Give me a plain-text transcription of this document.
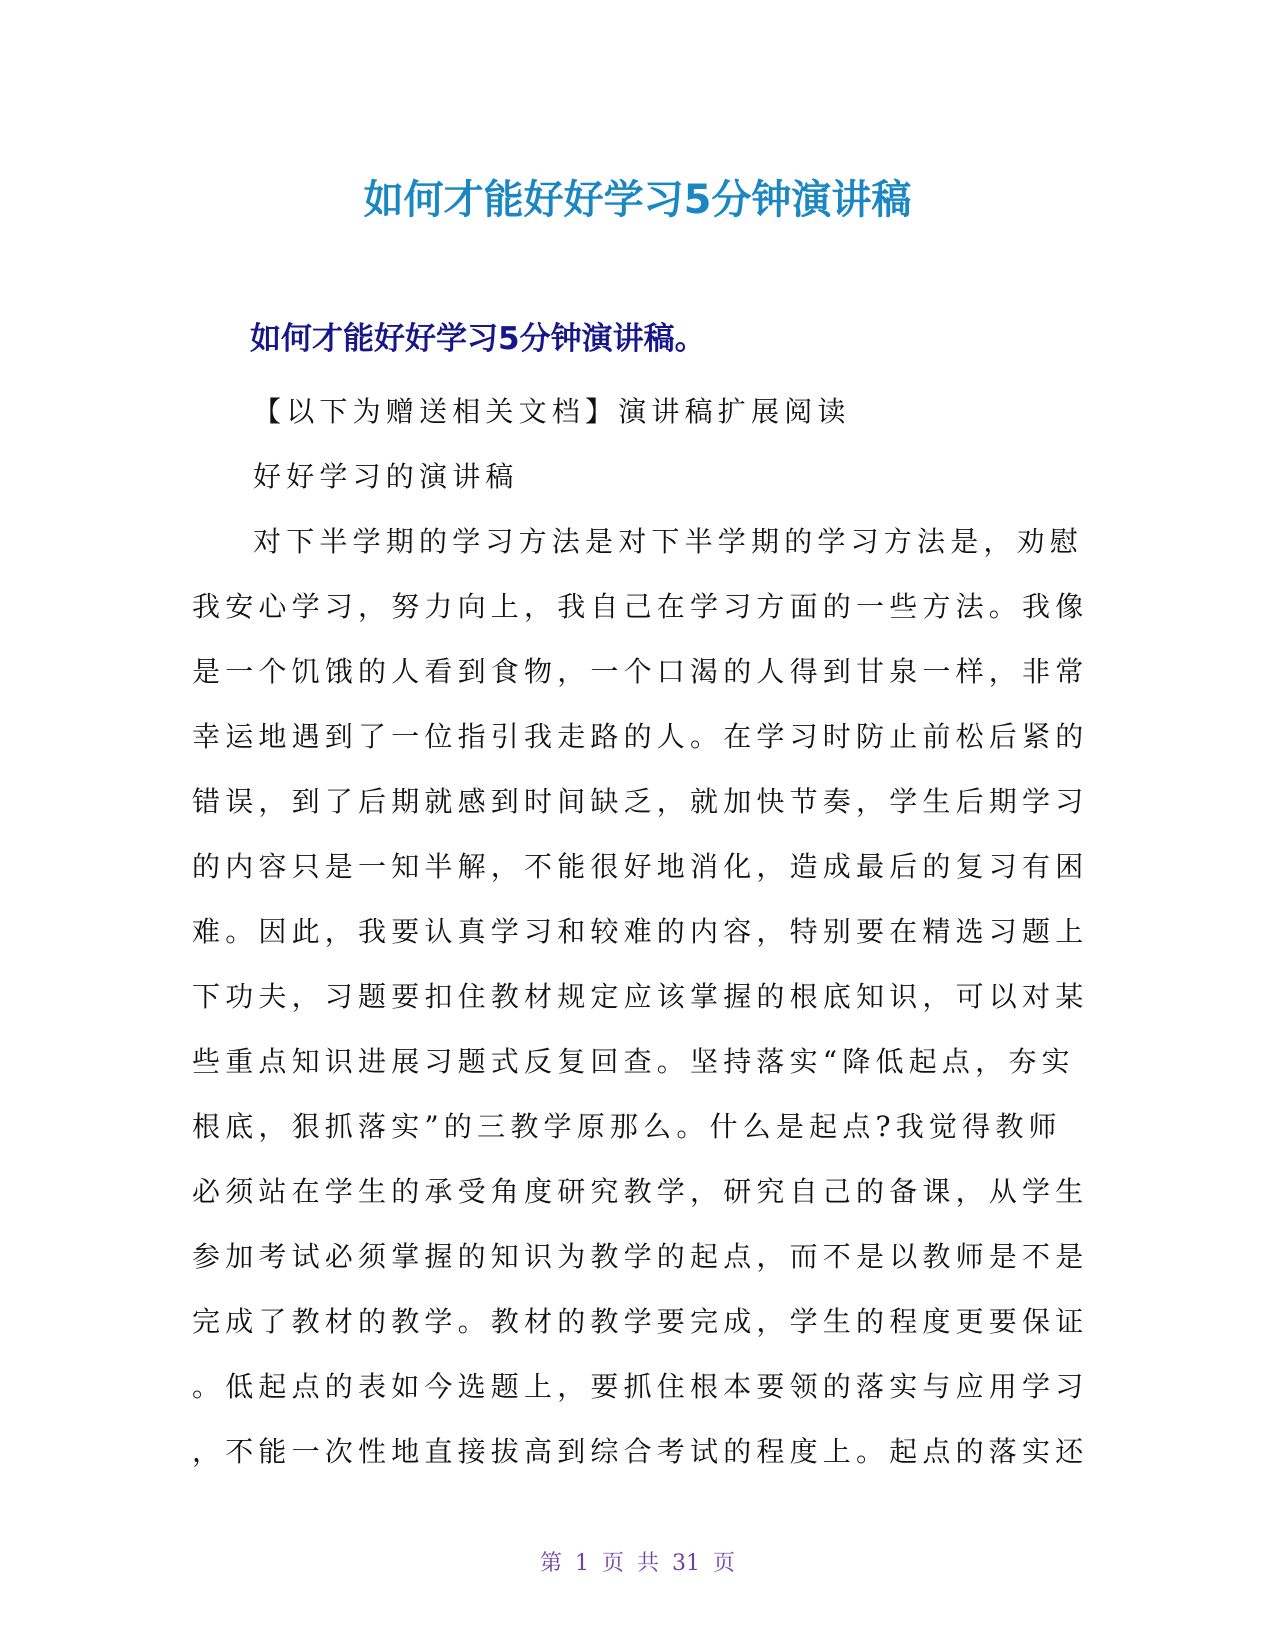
如何才能好好学习5分钟演讲稿
如何才能好好学习5分钟演讲稿。
【以下为赠送相关文档】演讲稿扩展阅读
好好学习的演讲稿
对下半学期的学习方法是对下半学期的学习方法是，劝慰
我安心学习，努力向上，我自己在学习方面的一些方法。我像
是一个饥饿的人看到食物，一个口渴的人得到甘泉一样，非常
幸运地遇到了一位指引我走路的人。在学习时防止前松后紧的
错误，到了后期就感到时间缺乏，就加快节奏，学生后期学习
的内容只是一知半解，不能很好地消化，造成最后的复习有困
难。因此，我要认真学习和较难的内容，特别要在精选习题上
下功夫，习题要扣住教材规定应该掌握的根底知识，可以对某
些重点知识进展习题式反复回查。坚持落实“降低起点，夯实
根底，狠抓落实”的三教学原那么。什么是起点?我觉得教师
必须站在学生的承受角度研究教学，研究自己的备课，从学生
参加考试必须掌握的知识为教学的起点，而不是以教师是不是
完成了教材的教学。教材的教学要完成，学生的程度更要保证
。低起点的表如今选题上，要抓住根本要领的落实与应用学习
，不能一次性地直接拔高到综合考试的程度上。起点的落实还
第 1 页 共 31 页
